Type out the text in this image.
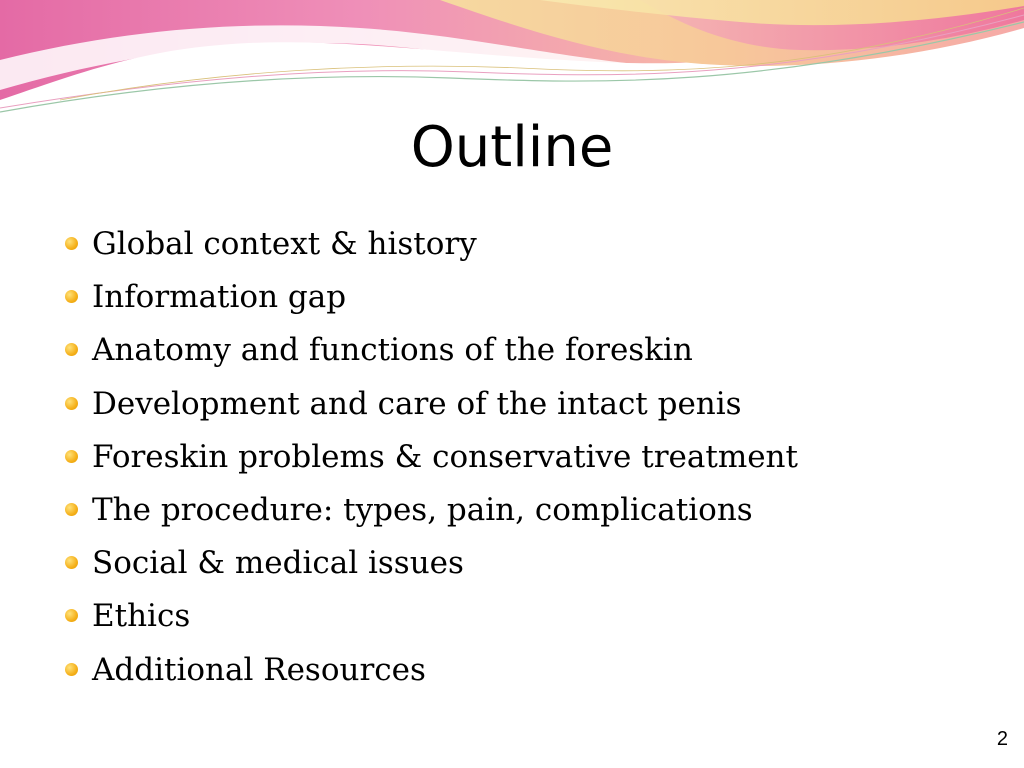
Outline
Global context & history
Information gap
Anatomy and functions of the foreskin
Development and care of the intact penis
Foreskin problems & conservative treatment
The procedure: types, pain, complications
Social & medical issues
Ethics
Additional Resources
2
